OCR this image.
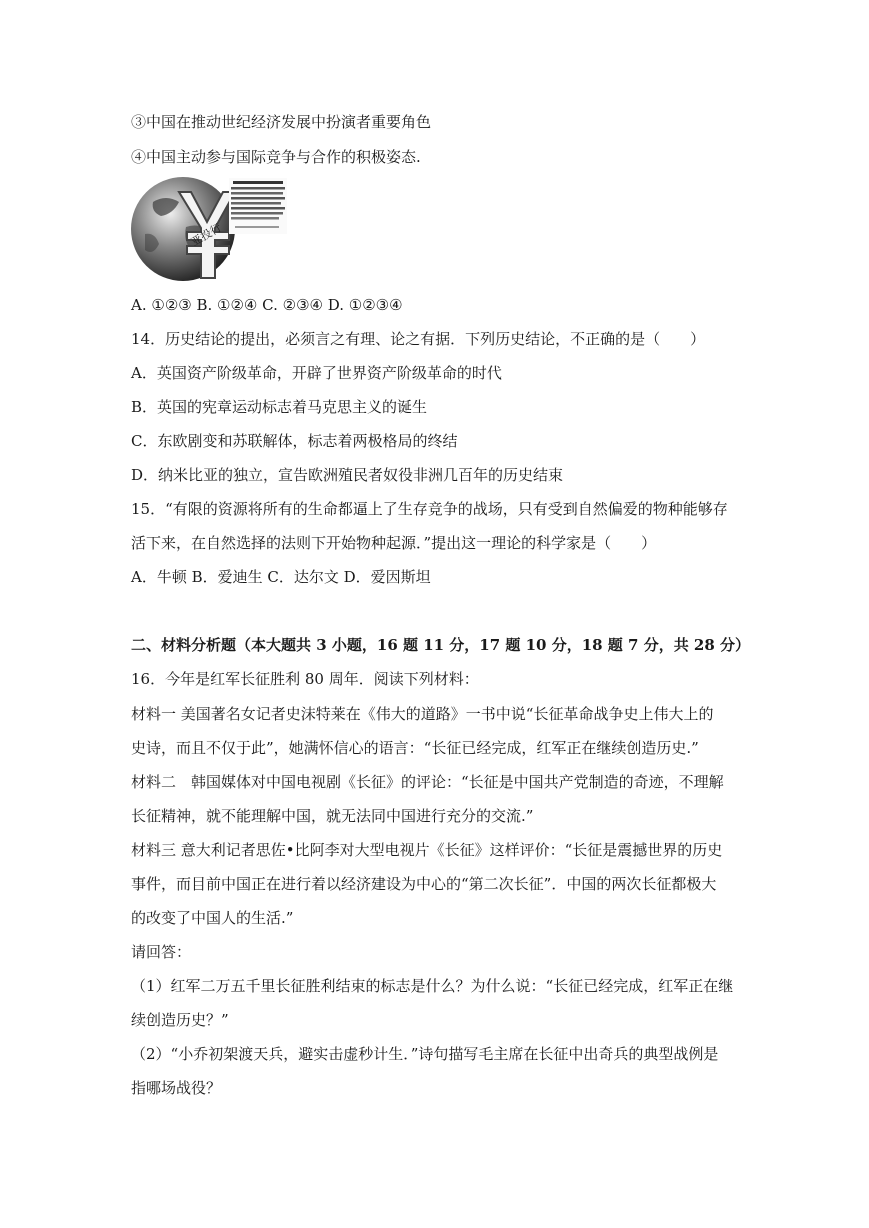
③中国在推动世纪经济发展中扮演者重要角色
④中国主动参与国际竞争与合作的积极姿态.
亚投行
A. ①②③ B. ①②④ C. ②③④ D. ①②③④
14．历史结论的提出，必须言之有理、论之有据．下列历史结论，不正确的是（　　）
A．英国资产阶级革命，开辟了世界资产阶级革命的时代
B．英国的宪章运动标志着马克思主义的诞生
C．东欧剧变和苏联解体，标志着两极格局的终结
D．纳米比亚的独立，宣告欧洲殖民者奴役非洲几百年的历史结束
15．“有限的资源将所有的生命都逼上了生存竞争的战场，只有受到自然偏爱的物种能够存
活下来，在自然选择的法则下开始物种起源．”提出这一理论的科学家是（　　）
A．牛顿 B．爱迪生 C．达尔文 D．爱因斯坦
二、材料分析题（本大题共 3 小题，16 题 11 分，17 题 10 分，18 题 7 分，共 28 分）
16．今年是红军长征胜利 80 周年．阅读下列材料：
材料一 美国著名女记者史沫特莱在《伟大的道路》一书中说“长征革命战争史上伟大上的
史诗，而且不仅于此”，她满怀信心的语言：“长征已经完成，红军正在继续创造历史.”
材料二　韩国媒体对中国电视剧《长征》的评论：“长征是中国共产党制造的奇迹，不理解
长征精神，就不能理解中国，就无法同中国进行充分的交流.”
材料三 意大利记者思佐•比阿李对大型电视片《长征》这样评价：“长征是震撼世界的历史
事件，而目前中国正在进行着以经济建设为中心的“第二次长征”．中国的两次长征都极大
的改变了中国人的生活.”
请回答：
（1）红军二万五千里长征胜利结束的标志是什么？为什么说：“长征已经完成，红军正在继
续创造历史？”
（2）“小乔初架渡天兵，避实击虚秒计生．”诗句描写毛主席在长征中出奇兵的典型战例是
指哪场战役？
